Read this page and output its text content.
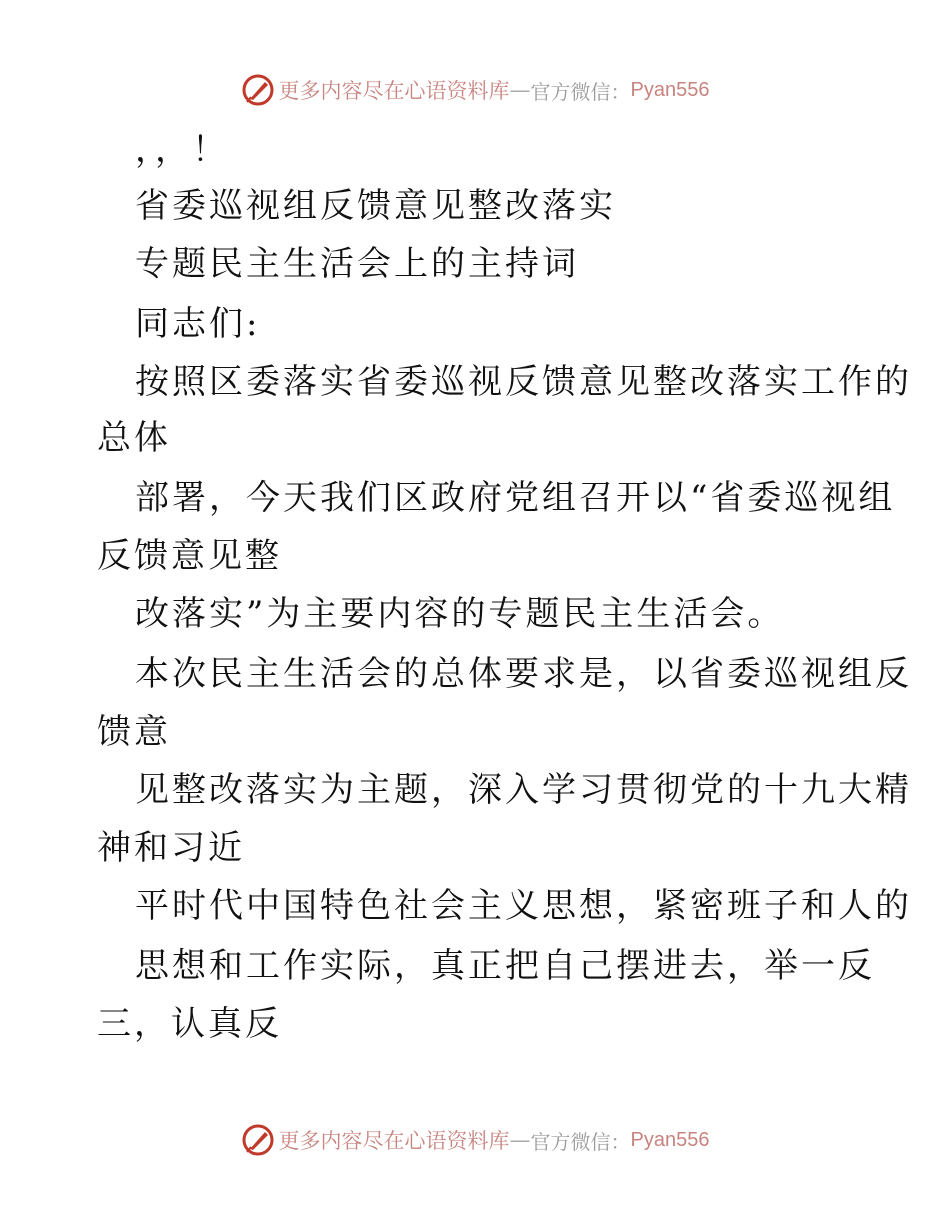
更多内容尽在心语资料库 — 官方微信： Pyan556
，，！
省委巡视组反馈意见整改落实
专题民主生活会上的主持词
同志们:
按照区委落实省委巡视反馈意见整改落实工作的
总体
部署，今天我们区政府党组召开以“省委巡视组
反馈意见整
改落实”为主要内容的专题民主生活会。
本次民主生活会的总体要求是，以省委巡视组反
馈意
见整改落实为主题，深入学习贯彻党的十九大精
神和习近
平时代中国特色社会主义思想，紧密班子和人的
思想和工作实际，真正把自己摆进去，举一反
三，认真反
更多内容尽在心语资料库 — 官方微信： Pyan556
